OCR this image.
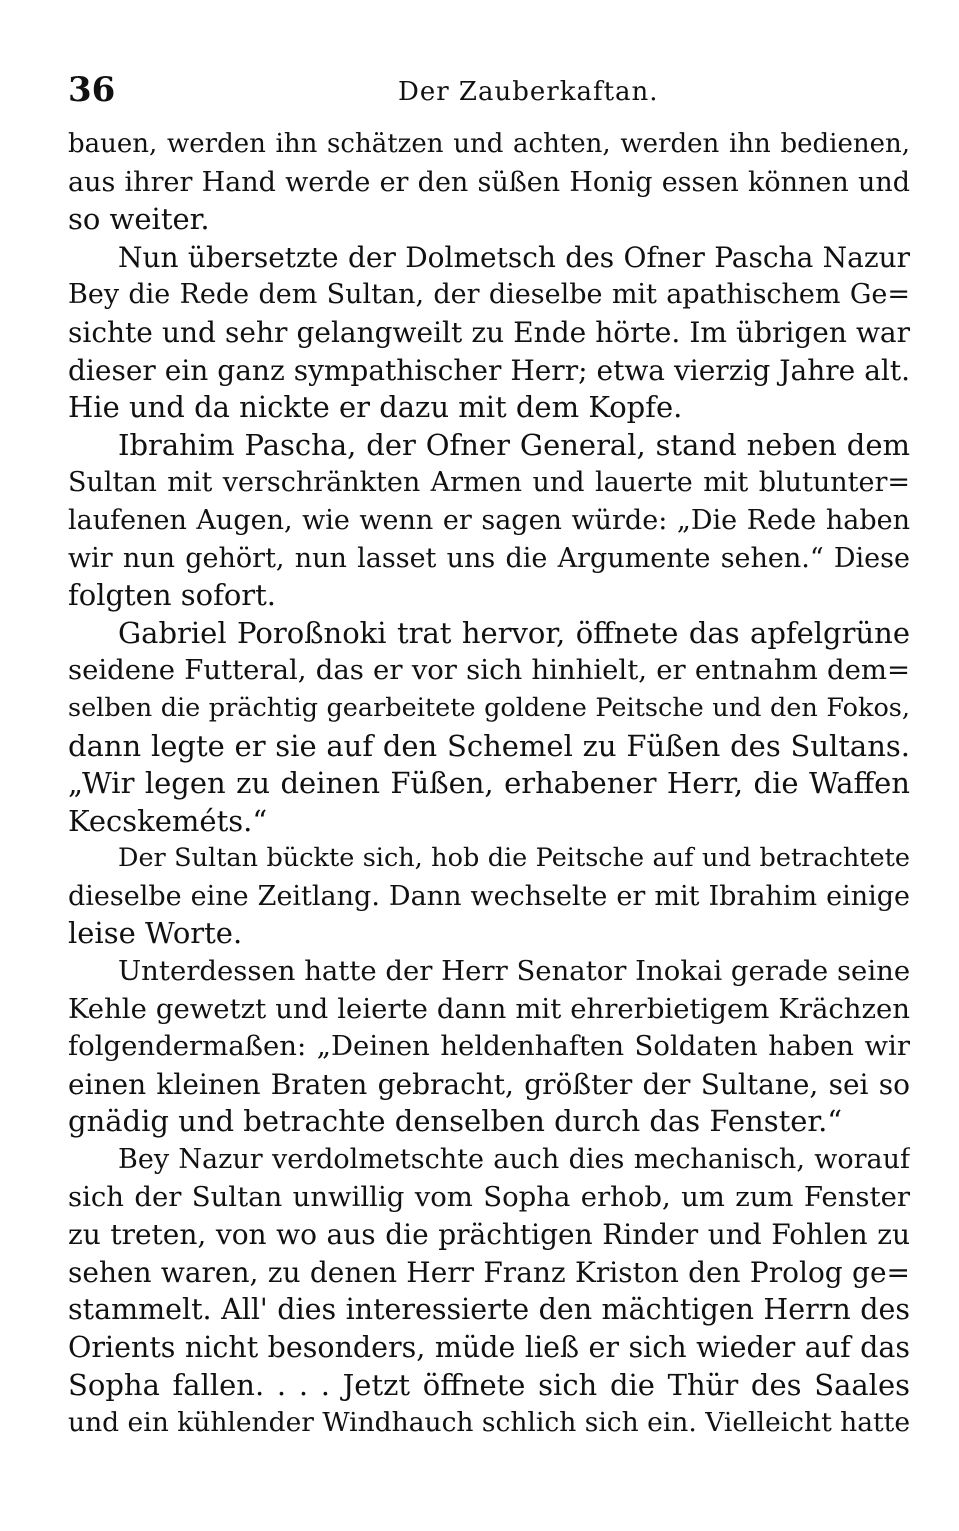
36	Der Zauberkaftan.
bauen, werden ihn schätzen und achten, werden ihn bedienen,
aus ihrer Hand werde er den süßen Honig essen können und
so weiter.
Nun übersetzte der Dolmetsch des Ofner Pascha Nazur
Bey die Rede dem Sultan, der dieselbe mit apathischem Ge=
sichte und sehr gelangweilt zu Ende hörte. Im übrigen war
dieser ein ganz sympathischer Herr; etwa vierzig Jahre alt.
Hie und da nickte er dazu mit dem Kopfe.
Ibrahim Pascha, der Ofner General, stand neben dem
Sultan mit verschränkten Armen und lauerte mit blutunter=
laufenen Augen, wie wenn er sagen würde: „Die Rede haben
wir nun gehört, nun lasset uns die Argumente sehen.“ Diese
folgten sofort.
Gabriel Poroßnoki trat hervor, öffnete das apfelgrüne
seidene Futteral, das er vor sich hinhielt, er entnahm dem=
selben die prächtig gearbeitete goldene Peitsche und den Fokos,
dann legte er sie auf den Schemel zu Füßen des Sultans.
„Wir legen zu deinen Füßen, erhabener Herr, die Waffen
Kecskeméts.“
Der Sultan bückte sich, hob die Peitsche auf und betrachtete
dieselbe eine Zeitlang. Dann wechselte er mit Ibrahim einige
leise Worte.
Unterdessen hatte der Herr Senator Inokai gerade seine
Kehle gewetzt und leierte dann mit ehrerbietigem Krächzen
folgendermaßen: „Deinen heldenhaften Soldaten haben wir
einen kleinen Braten gebracht, größter der Sultane, sei so
gnädig und betrachte denselben durch das Fenster.“
Bey Nazur verdolmetschte auch dies mechanisch, worauf
sich der Sultan unwillig vom Sopha erhob, um zum Fenster
zu treten, von wo aus die prächtigen Rinder und Fohlen zu
sehen waren, zu denen Herr Franz Kriston den Prolog ge=
stammelt. All' dies interessierte den mächtigen Herrn des
Orients nicht besonders, müde ließ er sich wieder auf das
Sopha fallen. . . . Jetzt öffnete sich die Thür des Saales
und ein kühlender Windhauch schlich sich ein. Vielleicht hatte
